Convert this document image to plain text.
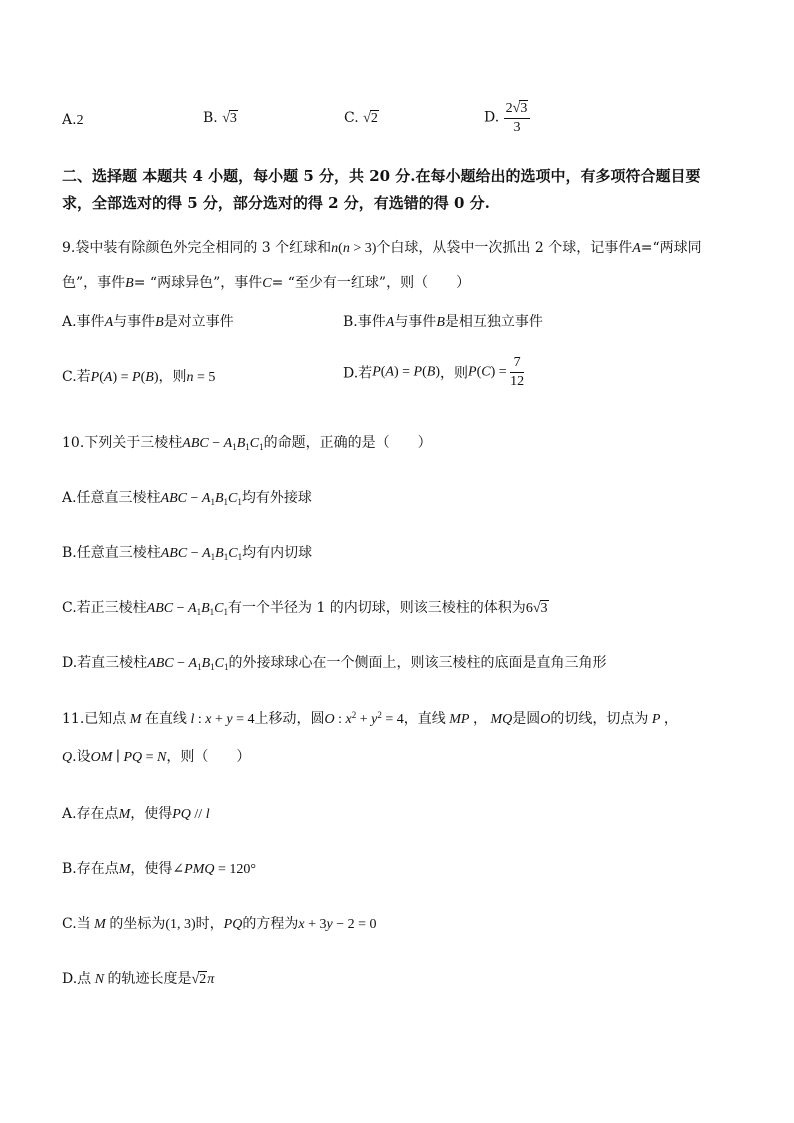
A.2	B. √3	C. √2	D. $\frac{2√3}{3}$
二、选择题 本题共 4 小题，每小题 5 分，共 20 分.在每小题给出的选项中，有多项符合题目要
求，全部选对的得 5 分，部分选对的得 2 分，有选错的得 0 分.
9.袋中装有除颜色外完全相同的 3 个红球和n(n > 3)个白球，从袋中一次抓出 2 个球，记事件A=“两球同
色”，事件B= “两球异色”，事件C= “至少有一红球”，则（　　）
A.事件A与事件B是对立事件	B.事件A与事件B是相互独立事件
C.若P(A) = P(B)，则n = 5	D.若P(A) = P(B)，则$P(C) = \frac{7}{12}$
10.下列关于三棱柱ABC − $A_1B_1C_1$的命题，正确的是（　　）
A.任意直三棱柱ABC − $A_1B_1C_1$均有外接球
B.任意直三棱柱ABC − $A_1B_1C_1$均有内切球
C.若正三棱柱ABC − $A_1B_1C_1$有一个半径为 1 的内切球，则该三棱柱的体积为6√3
D.若直三棱柱ABC − $A_1B_1C_1$的外接球球心在一个侧面上，则该三棱柱的底面是直角三角形
11.已知点 M 在直线 l : x + y = 4上移动，圆O : $x^2 + y^2 = 4$，直线 MP ， MQ是圆O的切线，切点为 P ，
Q.设OM ∣ PQ = N，则（　　）
A.存在点M，使得PQ // l
B.存在点M，使得∠PMQ = 120°
C.当 M 的坐标为(1, 3)时，PQ的方程为x + 3y − 2 = 0
D.点 N 的轨迹长度是√2π
